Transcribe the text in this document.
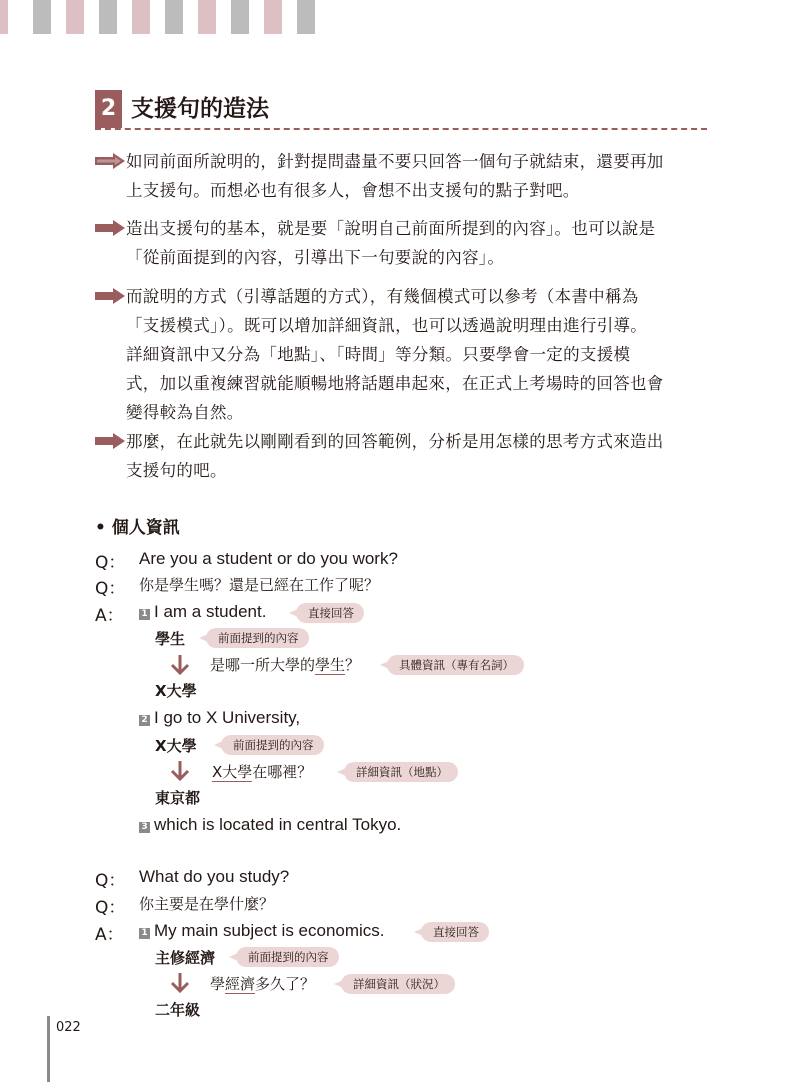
2 支援句的造法
如同前面所說明的，針對提問盡量不要只回答一個句子就結束，還要再加
上支援句。而想必也有很多人，會想不出支援句的點子對吧。
造出支援句的基本，就是要「說明自己前面所提到的內容」。也可以說是
「從前面提到的內容，引導出下一句要說的內容」。
而說明的方式（引導話題的方式），有幾個模式可以參考（本書中稱為
「支援模式」）。既可以增加詳細資訊，也可以透過說明理由進行引導。
詳細資訊中又分為「地點」、「時間」等分類。只要學會一定的支援模
式，加以重複練習就能順暢地將話題串起來，在正式上考場時的回答也會
變得較為自然。
那麼，在此就先以剛剛看到的回答範例，分析是用怎樣的思考方式來造出
支援句的吧。
• 個人資訊
Q： Are you a student or do you work?
Q： 你是學生嗎？還是已經在工作了呢？
A： 1 I am a student.	直接回答
學生	前面提到的內容
是哪一所大學的學生？	具體資訊（專有名詞）
X大學
2 I go to X University,
X大學	前面提到的內容
X大學在哪裡？	詳細資訊（地點）
東京都
3 which is located in central Tokyo.
Q： What do you study?
Q： 你主要是在學什麼？
A： 1 My main subject is economics.	直接回答
主修經濟	前面提到的內容
學經濟多久了？	詳細資訊（狀況）
二年級
022
